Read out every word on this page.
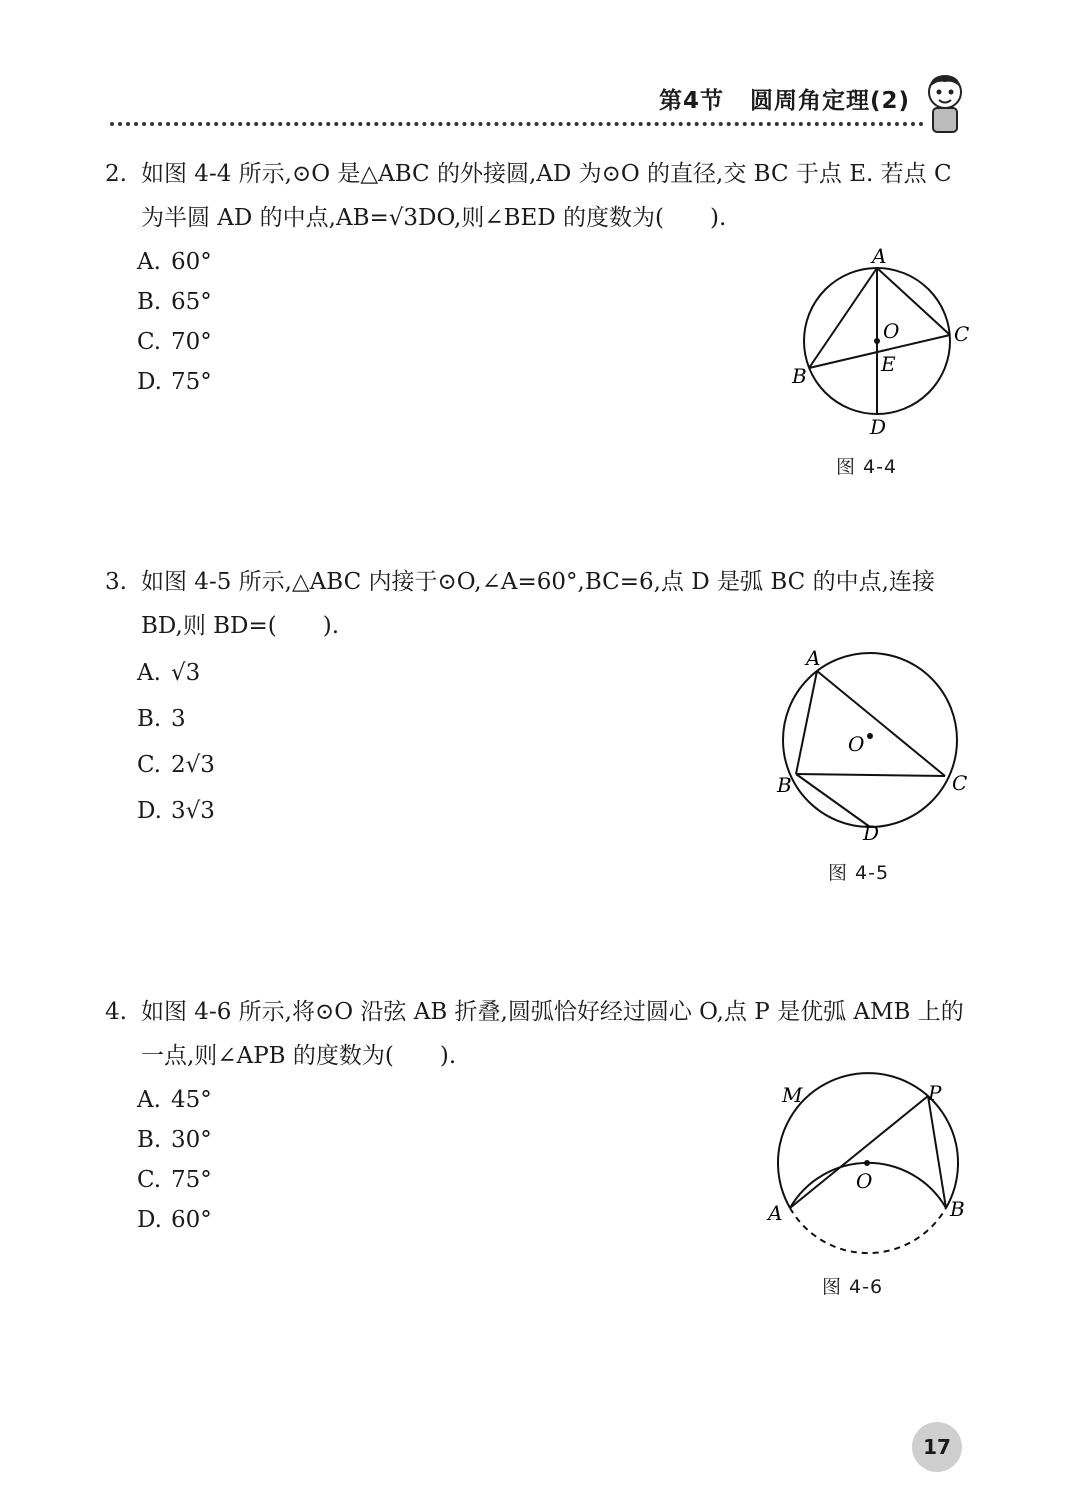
第4节 圆周角定理(2)
2. 如图 4-4 所示,⊙O 是△ABC 的外接圆,AD 为⊙O 的直径,交 BC 于点 E. 若点 C 为半圆 AD 的中点,AB=√3DO,则∠BED 的度数为(　　).
A. 60°
B. 65°
C. 70°
D. 75°
A
B
C
D
O
E
图 4-4
3. 如图 4-5 所示,△ABC 内接于⊙O,∠A=60°,BC=6,点 D 是弧 BC 的中点,连接 BD,则 BD=(　　).
A. √3
B. 3
C. 2√3
D. 3√3
A
B	C
D
O
图 4-5
4. 如图 4-6 所示,将⊙O 沿弦 AB 折叠,圆弧恰好经过圆心 O,点 P 是优弧 AMB 上的一点,则∠APB 的度数为(　　).
A. 45°
B. 30°
C. 75°
D. 60°
M	P
A	B
O
图 4-6
17
